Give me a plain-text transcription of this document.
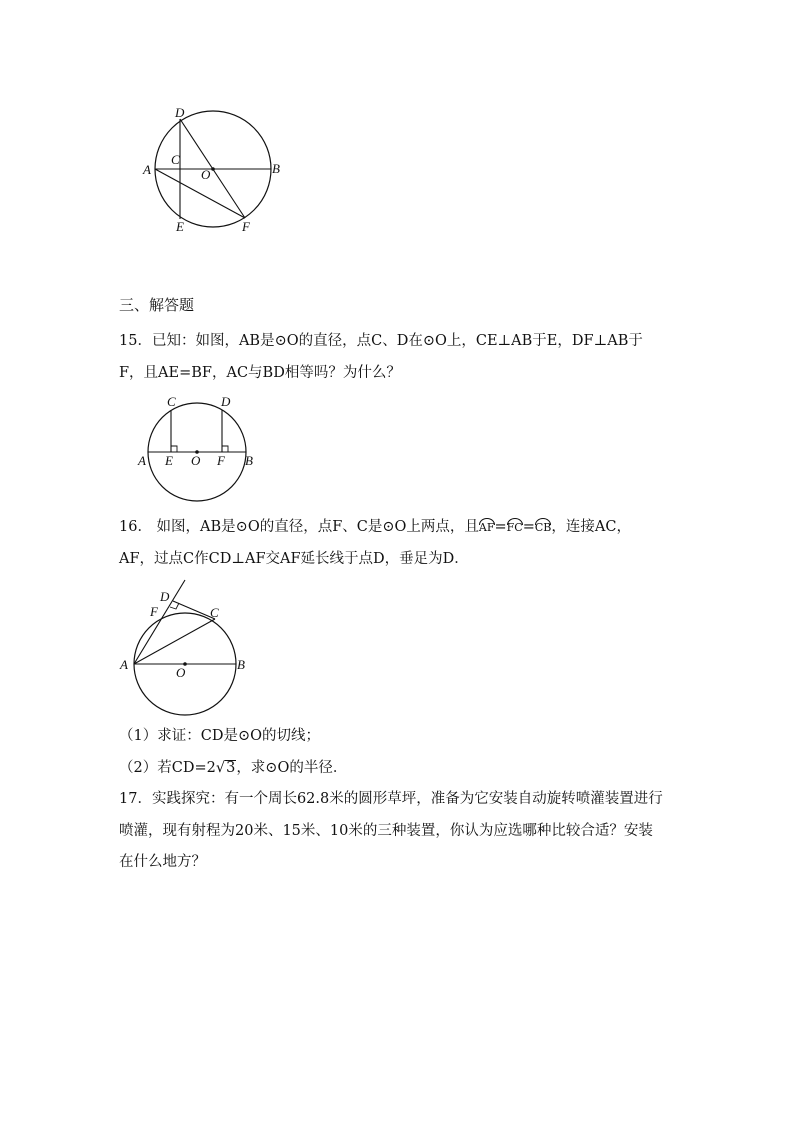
D
C
A	O	B
E	F
三、解答题
15．已知：如图，AB是⊙O的直径，点C、D在⊙O上，CE⊥AB于E，DF⊥AB于
F，且AE=BF，AC与BD相等吗？为什么？
C	D
A E O F B
16． 如图，AB是⊙O的直径，点F、C是⊙O上两点，且AF=FC=CB，连接AC，
AF，过点C作CD⊥AF交AF延长线于点D，垂足为D．
D
F	C
A
O
B
（1）求证：CD是⊙O的切线；
（2）若CD=2√3，求⊙O的半径．
17．实践探究：有一个周长62.8米的圆形草坪，准备为它安装自动旋转喷灌装置进行
喷灌，现有射程为20米、15米、10米的三种装置，你认为应选哪种比较合适？安装
在什么地方？
